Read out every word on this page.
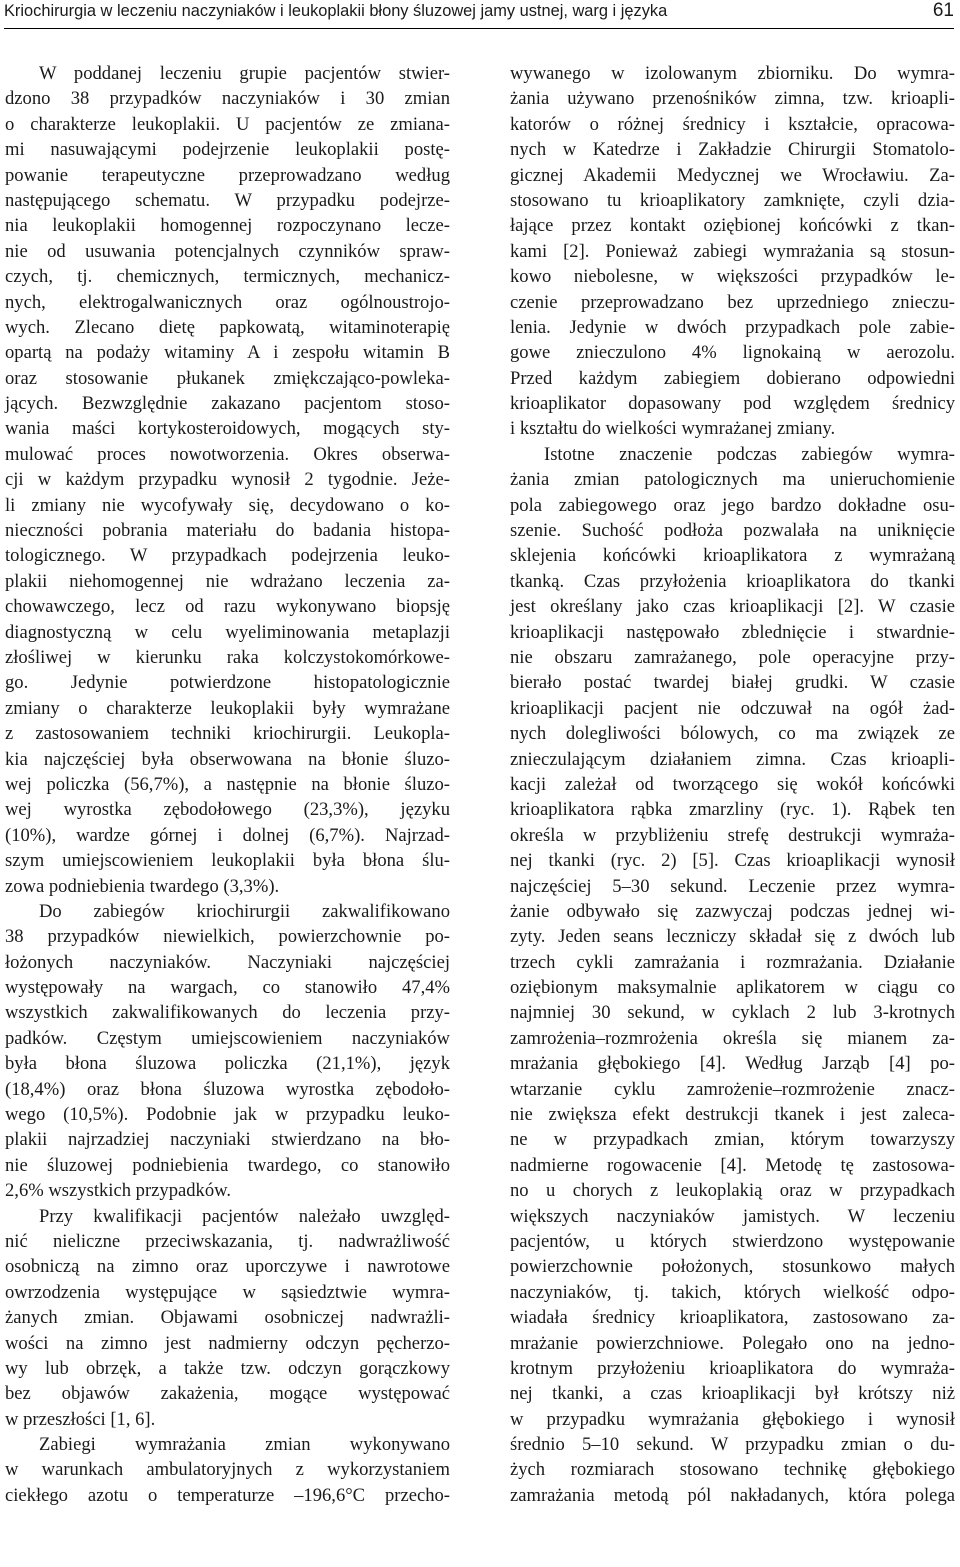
Kriochirurgia w leczeniu naczyniaków i leukoplakii błony śluzowej jamy ustnej, warg i języka	61
W poddanej leczeniu grupie pacjentów stwier-
dzono 38 przypadków naczyniaków i 30 zmian
o charakterze leukoplakii. U pacjentów ze zmiana-
mi nasuwającymi podejrzenie leukoplakii postę-
powanie terapeutyczne przeprowadzano według
następującego schematu. W przypadku podejrze-
nia leukoplakii homogennej rozpoczynano lecze-
nie od usuwania potencjalnych czynników spraw-
czych, tj. chemicznych, termicznych, mechanicz-
nych, elektrogalwanicznych oraz ogólnoustrojo-
wych. Zlecano dietę papkowatą, witaminoterapię
opartą na podaży witaminy A i zespołu witamin B
oraz stosowanie płukanek zmiękczająco-powleka-
jących. Bezwzględnie zakazano pacjentom stoso-
wania maści kortykosteroidowych, mogących sty-
mulować proces nowotworzenia. Okres obserwa-
cji w każdym przypadku wynosił 2 tygodnie. Jeże-
li zmiany nie wycofywały się, decydowano o ko-
nieczności pobrania materiału do badania histopa-
tologicznego. W przypadkach podejrzenia leuko-
plakii niehomogennej nie wdrażano leczenia za-
chowawczego, lecz od razu wykonywano biopsję
diagnostyczną w celu wyeliminowania metaplazji
złośliwej w kierunku raka kolczystokomórkowe-
go. Jedynie potwierdzone histopatologicznie
zmiany o charakterze leukoplakii były wymrażane
z zastosowaniem techniki kriochirurgii. Leukopla-
kia najczęściej była obserwowana na błonie śluzo-
wej policzka (56,7%), a następnie na błonie śluzo-
wej wyrostka zębodołowego (23,3%), języku
(10%), wardze górnej i dolnej (6,7%). Najrzad-
szym umiejscowieniem leukoplakii była błona ślu-
zowa podniebienia twardego (3,3%).
Do zabiegów kriochirurgii zakwalifikowano
38 przypadków niewielkich, powierzchownie po-
łożonych naczyniaków. Naczyniaki najczęściej
występowały na wargach, co stanowiło 47,4%
wszystkich zakwalifikowanych do leczenia przy-
padków. Częstym umiejscowieniem naczyniaków
była błona śluzowa policzka (21,1%), język
(18,4%) oraz błona śluzowa wyrostka zębodoło-
wego (10,5%). Podobnie jak w przypadku leuko-
plakii najrzadziej naczyniaki stwierdzano na bło-
nie śluzowej podniebienia twardego, co stanowiło
2,6% wszystkich przypadków.
Przy kwalifikacji pacjentów należało uwzględ-
nić nieliczne przeciwskazania, tj. nadwrażliwość
osobniczą na zimno oraz uporczywe i nawrotowe
owrzodzenia występujące w sąsiedztwie wymra-
żanych zmian. Objawami osobniczej nadwrażli-
wości na zimno jest nadmierny odczyn pęcherzo-
wy lub obrzęk, a także tzw. odczyn gorączkowy
bez objawów zakażenia, mogące występować
w przeszłości [1, 6].
Zabiegi wymrażania zmian wykonywano
w warunkach ambulatoryjnych z wykorzystaniem
ciekłego azotu o temperaturze –196,6°C przecho-
wywanego w izolowanym zbiorniku. Do wymra-
żania używano przenośników zimna, tzw. krioapli-
katorów o różnej średnicy i kształcie, opracowa-
nych w Katedrze i Zakładzie Chirurgii Stomatolo-
gicznej Akademii Medycznej we Wrocławiu. Za-
stosowano tu krioaplikatory zamknięte, czyli dzia-
łające przez kontakt oziębionej końcówki z tkan-
kami [2]. Ponieważ zabiegi wymrażania są stosun-
kowo niebolesne, w większości przypadków le-
czenie przeprowadzano bez uprzedniego znieczu-
lenia. Jedynie w dwóch przypadkach pole zabie-
gowe znieczulono 4% lignokainą w aerozolu.
Przed każdym zabiegiem dobierano odpowiedni
krioaplikator dopasowany pod względem średnicy
i kształtu do wielkości wymrażanej zmiany.
Istotne znaczenie podczas zabiegów wymra-
żania zmian patologicznych ma unieruchomienie
pola zabiegowego oraz jego bardzo dokładne osu-
szenie. Suchość podłoża pozwalała na uniknięcie
sklejenia końcówki krioaplikatora z wymrażaną
tkanką. Czas przyłożenia krioaplikatora do tkanki
jest określany jako czas krioaplikacji [2]. W czasie
krioaplikacji następowało zblednięcie i stwardnie-
nie obszaru zamrażanego, pole operacyjne przy-
bierało postać twardej białej grudki. W czasie
krioaplikacji pacjent nie odczuwał na ogół żad-
nych dolegliwości bólowych, co ma związek ze
znieczulającym działaniem zimna. Czas krioapli-
kacji zależał od tworzącego się wokół końcówki
krioaplikatora rąbka zmarzliny (ryc. 1). Rąbek ten
określa w przybliżeniu strefę destrukcji wymraża-
nej tkanki (ryc. 2) [5]. Czas krioaplikacji wynosił
najczęściej 5–30 sekund. Leczenie przez wymra-
żanie odbywało się zazwyczaj podczas jednej wi-
zyty. Jeden seans leczniczy składał się z dwóch lub
trzech cykli zamrażania i rozmrażania. Działanie
oziębionym maksymalnie aplikatorem w ciągu co
najmniej 30 sekund, w cyklach 2 lub 3-krotnych
zamrożenia–rozmrożenia określa się mianem za-
mrażania głębokiego [4]. Według Jarząb [4] po-
wtarzanie cyklu zamrożenie–rozmrożenie znacz-
nie zwiększa efekt destrukcji tkanek i jest zaleca-
ne w przypadkach zmian, którym towarzyszy
nadmierne rogowacenie [4]. Metodę tę zastosowa-
no u chorych z leukoplakią oraz w przypadkach
większych naczyniaków jamistych. W leczeniu
pacjentów, u których stwierdzono występowanie
powierzchownie położonych, stosunkowo małych
naczyniaków, tj. takich, których wielkość odpo-
wiadała średnicy krioaplikatora, zastosowano za-
mrażanie powierzchniowe. Polegało ono na jedno-
krotnym przyłożeniu krioaplikatora do wymraża-
nej tkanki, a czas krioaplikacji był krótszy niż
w przypadku wymrażania głębokiego i wynosił
średnio 5–10 sekund. W przypadku zmian o du-
żych rozmiarach stosowano technikę głębokiego
zamrażania metodą pól nakładanych, która polega
